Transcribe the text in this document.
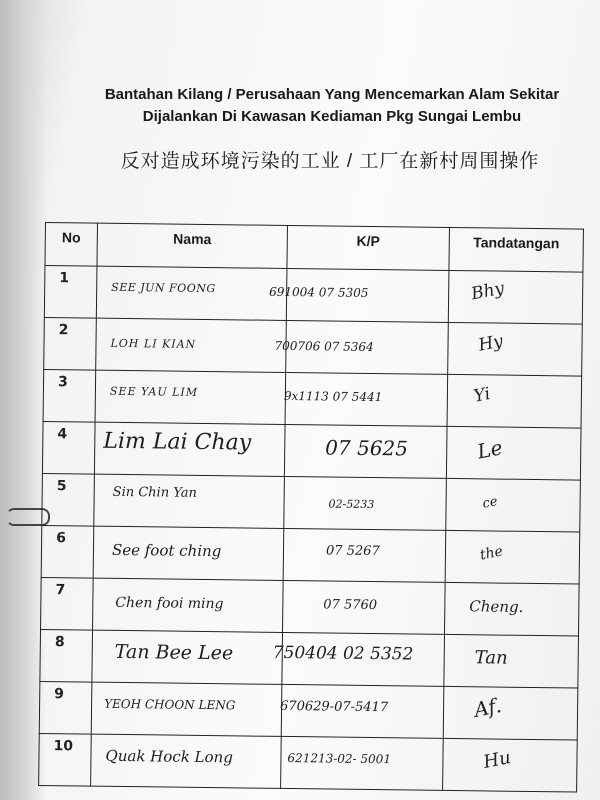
Bantahan Kilang / Perusahaan Yang Mencemarkan Alam Sekitar
Dijalankan Di Kawasan Kediaman Pkg Sungai Lembu
反对造成环境污染的工业 / 工厂在新村周围操作
No	Nama	K/P	Tandatangan
1	SEE JUN FOONG	691004 07 5305	Bhy

2	LOH LI KIAN	700706 07 5364	Hy

3	SEE YAU LIM	9x1113 07 5441	Yi

4	Lim Lai Chay	07 5625	Le

5	Sin Chin Yan	02-5233	ce

6	See foot ching	07 5267	the

7	Chen fooi ming	07 5760	Cheng.

8	Tan Bee Lee	750404 02 5352	Tan

9	YEOH CHOON LENG	670629-07-5417	Af.

10	Quak Hock Long	621213-02- 5001	Hu
